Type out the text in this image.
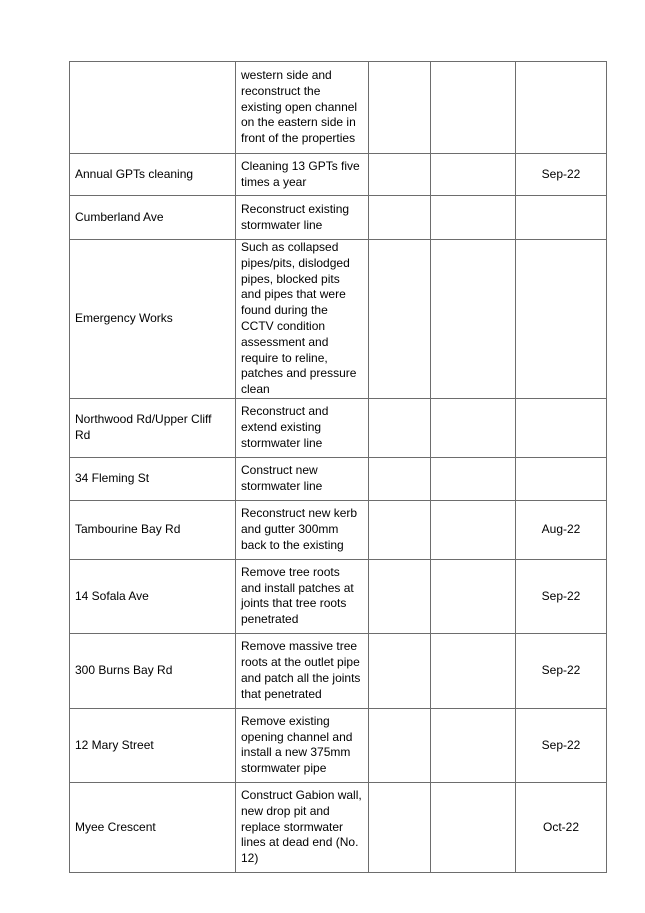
	western side and reconstruct the existing open channel on the eastern side in front of the properties			
Annual GPTs cleaning	Cleaning 13 GPTs five times a year			Sep-22
Cumberland Ave	Reconstruct existing stormwater line			
Emergency Works	Such as collapsed pipes/pits, dislodged pipes, blocked pits and pipes that were found during the CCTV condition assessment and require to reline, patches and pressure clean			
Northwood Rd/Upper Cliff Rd	Reconstruct and extend existing stormwater line			
34 Fleming St	Construct new stormwater line			
Tambourine Bay Rd	Reconstruct new kerb and gutter 300mm back to the existing			Aug-22
14 Sofala Ave	Remove tree roots and install patches at joints that tree roots penetrated			Sep-22
300 Burns Bay Rd	Remove massive tree roots at the outlet pipe and patch all the joints that penetrated			Sep-22
12 Mary Street	Remove existing opening channel and install a new 375mm stormwater pipe			Sep-22
Myee Crescent	Construct Gabion wall, new drop pit and replace stormwater lines at dead end (No. 12)			Oct-22
